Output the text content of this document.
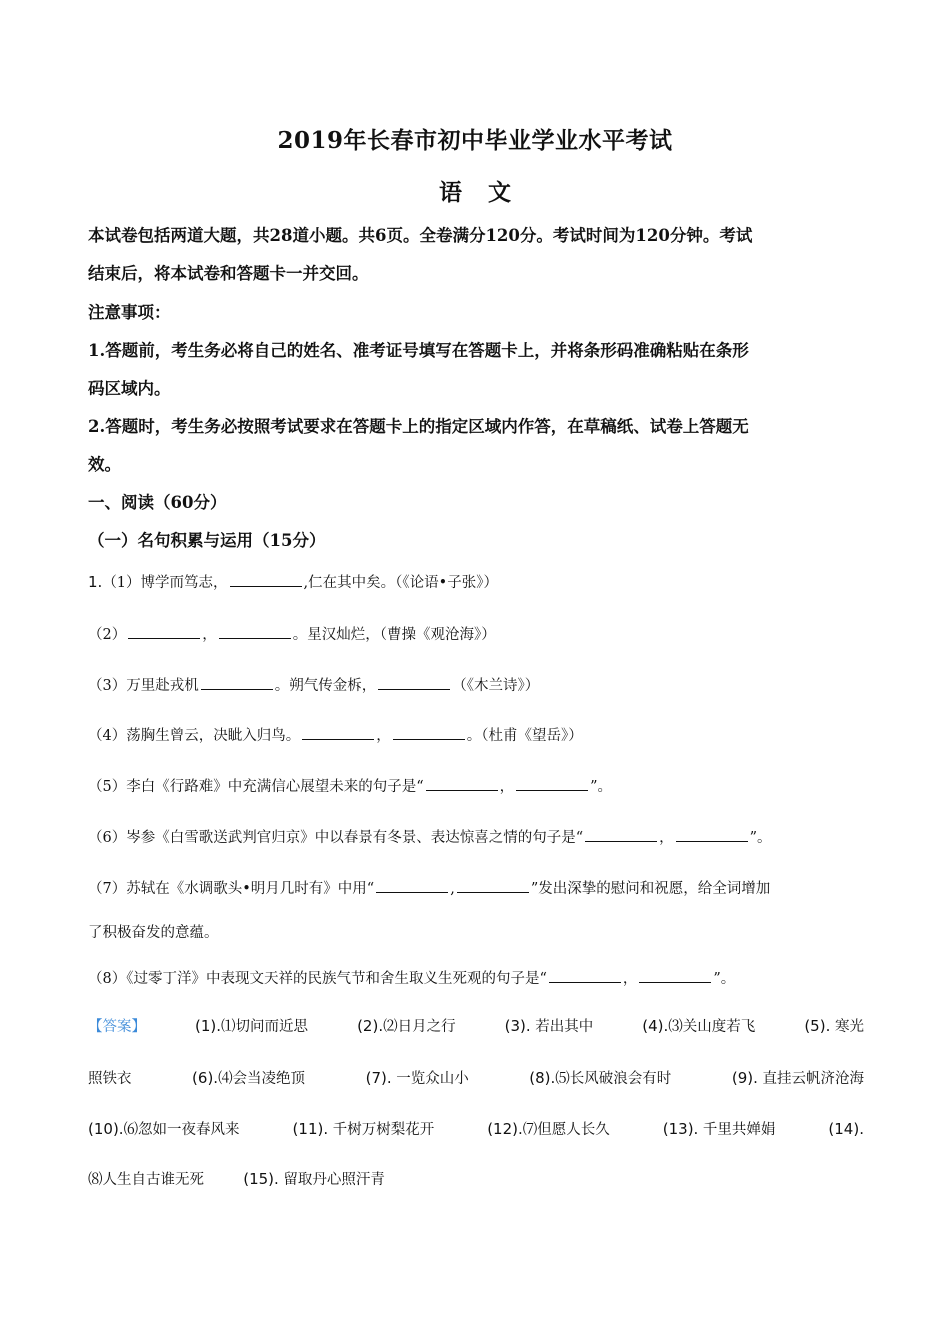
2019年长春市初中毕业学业水平考试
语文
本试卷包括两道大题，共28道小题。共6页。全卷满分120分。考试时间为120分钟。考试
结束后，将本试卷和答题卡一并交回。
注意事项：
1.答题前，考生务必将自己的姓名、准考证号填写在答题卡上，并将条形码准确粘贴在条形
码区域内。
2.答题时，考生务必按照考试要求在答题卡上的指定区域内作答，在草稿纸、试卷上答题无
效。
一、阅读（60分）
（一）名句积累与运用（15分）
1.（1）博学而笃志，	,仁在其中矣。（《论语•子张》）
（2）	，	。星汉灿烂，（曹操《观沧海》）
（3）万里赴戎机	。朔气传金柝，	（《木兰诗》）
（4）荡胸生曾云，决眦入归鸟。	，	。（杜甫《望岳》）
（5）李白《行路难》中充满信心展望未来的句子是“	，	”。
（6）岑参《白雪歌送武判官归京》中以春景有冬景、表达惊喜之情的句子是“	，	”。
（7）苏轼在《水调歌头•明月几时有》中用“	,	”发出深挚的慰问和祝愿，给全词增加
了积极奋发的意蕴。
（8）《过零丁洋》中表现文天祥的民族气节和舍生取义生死观的句子是“	，	”。
【答案】	(1).⑴切问而近思	(2).⑵日月之行	(3). 若出其中	(4).⑶关山度若飞	(5). 寒光
照铁衣	(6).⑷会当凌绝顶	(7). 一览众山小	(8).⑸长风破浪会有时	(9). 直挂云帆济沧海
(10).⑹忽如一夜春风来	(11). 千树万树梨花开	(12).⑺但愿人长久	(13). 千里共婵娟	(14).
⑻人生自古谁无死	(15). 留取丹心照汗青
